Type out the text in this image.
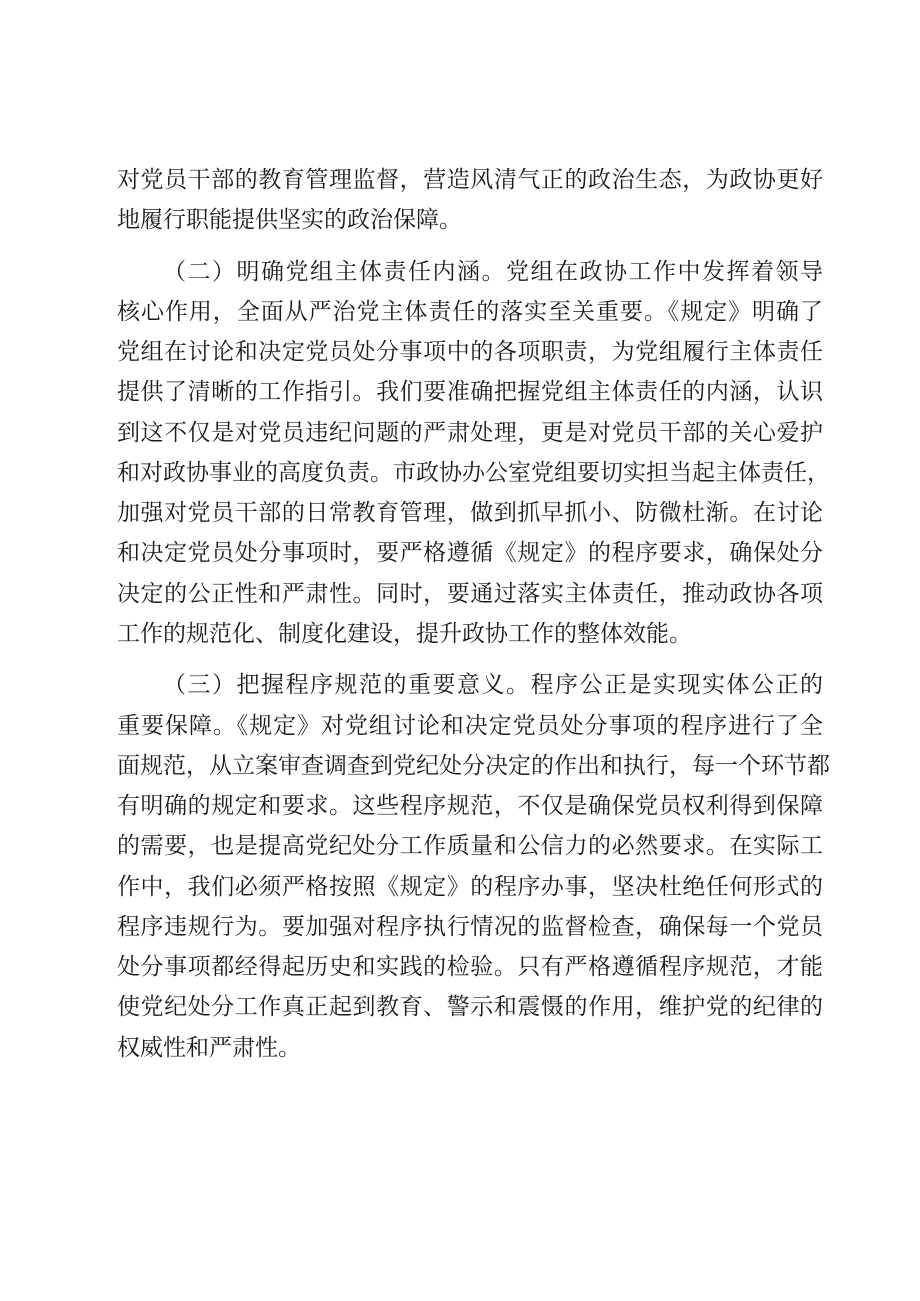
对党员干部的教育管理监督，营造风清气正的政治生态，为政协更好
地履行职能提供坚实的政治保障。
（二）明确党组主体责任内涵。党组在政协工作中发挥着领导
核心作用，全面从严治党主体责任的落实至关重要。《规定》明确了
党组在讨论和决定党员处分事项中的各项职责，为党组履行主体责任
提供了清晰的工作指引。我们要准确把握党组主体责任的内涵，认识
到这不仅是对党员违纪问题的严肃处理，更是对党员干部的关心爱护
和对政协事业的高度负责。市政协办公室党组要切实担当起主体责任，
加强对党员干部的日常教育管理，做到抓早抓小、防微杜渐。在讨论
和决定党员处分事项时，要严格遵循《规定》的程序要求，确保处分
决定的公正性和严肃性。同时，要通过落实主体责任，推动政协各项
工作的规范化、制度化建设，提升政协工作的整体效能。
（三）把握程序规范的重要意义。程序公正是实现实体公正的
重要保障。《规定》对党组讨论和决定党员处分事项的程序进行了全
面规范，从立案审查调查到党纪处分决定的作出和执行，每一个环节都
有明确的规定和要求。这些程序规范，不仅是确保党员权利得到保障
的需要，也是提高党纪处分工作质量和公信力的必然要求。在实际工
作中，我们必须严格按照《规定》的程序办事，坚决杜绝任何形式的
程序违规行为。要加强对程序执行情况的监督检查，确保每一个党员
处分事项都经得起历史和实践的检验。只有严格遵循程序规范，才能
使党纪处分工作真正起到教育、警示和震慑的作用，维护党的纪律的
权威性和严肃性。
